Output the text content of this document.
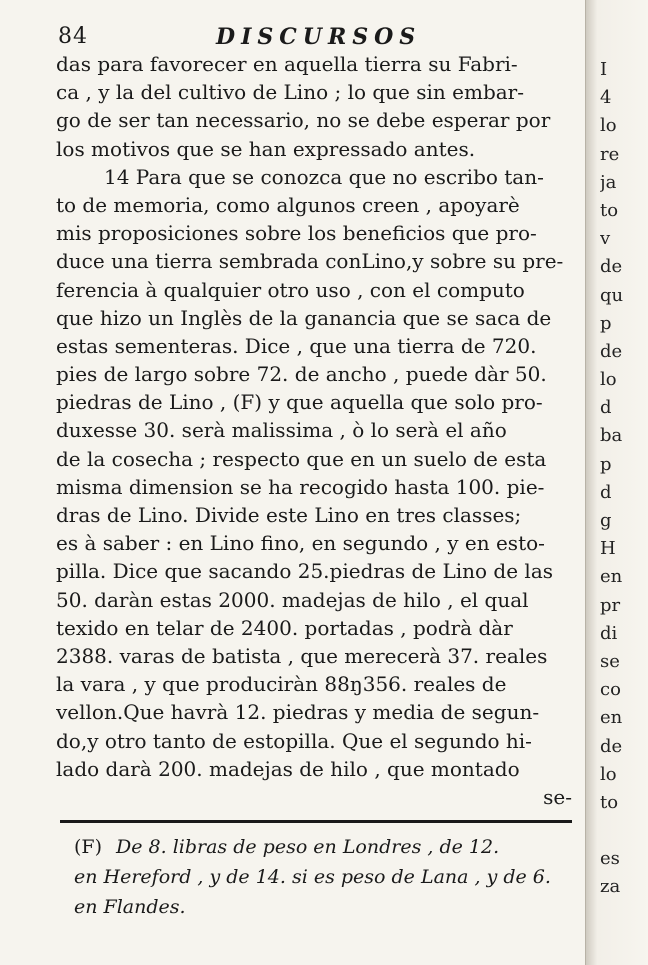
84	DISCURSOS
das para favorecer en aquella tierra su Fabri-
ca , y la del cultivo de Lino ; lo que sin embar-
go de ser tan necessario, no se debe esperar por
los motivos que se han expressado antes.
14 Para que se conozca que no escribo tan-
to de memoria, como algunos creen , apoyarè
mis proposiciones sobre los beneficios que pro-
duce una tierra sembrada conLino,y sobre su pre-
ferencia à qualquier otro uso , con el computo
que hizo un Inglès de la ganancia que se saca de
estas sementeras. Dice , que una tierra de 720.
pies de largo sobre 72. de ancho , puede dàr 50.
piedras de Lino , (F) y que aquella que solo pro-
duxesse 30. serà malissima , ò lo serà el año
de la cosecha ; respecto que en un suelo de esta
misma dimension se ha recogido hasta 100. pie-
dras de Lino. Divide este Lino en tres classes;
es à saber : en Lino fino, en segundo , y en esto-
pilla. Dice que sacando 25.piedras de Lino de las
50. daràn estas 2000. madejas de hilo , el qual
texido en telar de 2400. portadas , podrà dàr
2388. varas de batista , que merecerà 37. reales
la vara , y que produciràn 88ŋ356. reales de
vellon.Que havrà 12. piedras y media de segun-
do,y otro tanto de estopilla. Que el segundo hi-
lado darà 200. madejas de hilo , que montado
se-
(F) De 8. libras de peso en Londres , de 12.
en Hereford , y de 14. si es peso de Lana , y de 6.
en Flandes.
I
4
lo
re
ja
to
v
de
qu
p
de
lo
d
ba
p
d
g
H
en
pr
di
se
co
en
de
lo
to
es
za
